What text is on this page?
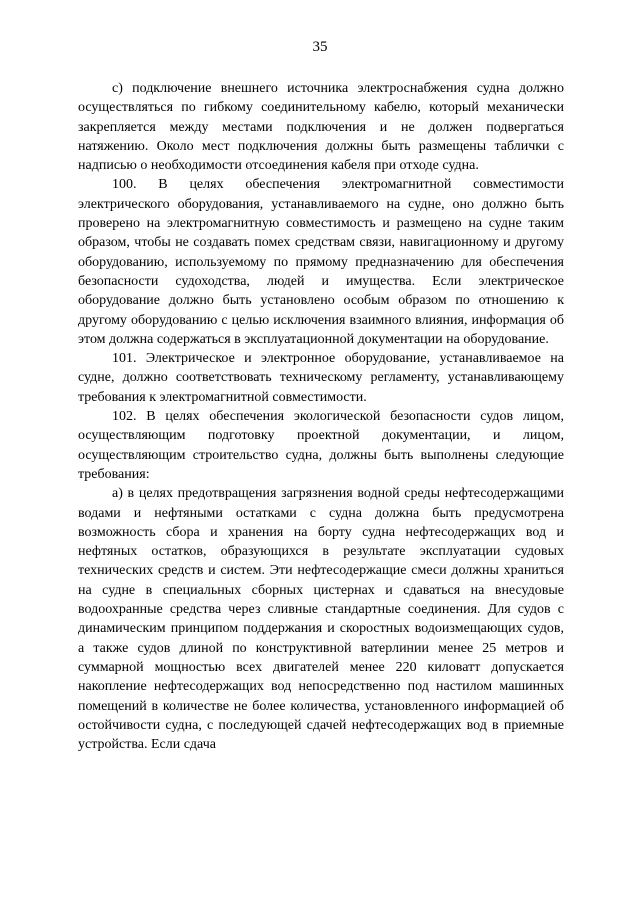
35

с) подключение внешнего источника электроснабжения судна должно осуществляться по гибкому соединительному кабелю, который механически закрепляется между местами подключения и не должен подвергаться натяжению. Около мест подключения должны быть размещены таблички с надписью о необходимости отсоединения кабеля при отходе судна.

100. В целях обеспечения электромагнитной совместимости электрического оборудования, устанавливаемого на судне, оно должно быть проверено на электромагнитную совместимость и размещено на судне таким образом, чтобы не создавать помех средствам связи, навигационному и другому оборудованию, используемому по прямому предназначению для обеспечения безопасности судоходства, людей и имущества. Если электрическое оборудование должно быть установлено особым образом по отношению к другому оборудованию с целью исключения взаимного влияния, информация об этом должна содержаться в эксплуатационной документации на оборудование.

101. Электрическое и электронное оборудование, устанавливаемое на судне, должно соответствовать техническому регламенту, устанавливающему требования к электромагнитной совместимости.

102. В целях обеспечения экологической безопасности судов лицом, осуществляющим подготовку проектной документации, и лицом, осуществляющим строительство судна, должны быть выполнены следующие требования:

а) в целях предотвращения загрязнения водной среды нефтесодержащими водами и нефтяными остатками с судна должна быть предусмотрена возможность сбора и хранения на борту судна нефтесодержащих вод и нефтяных остатков, образующихся в результате эксплуатации судовых технических средств и систем. Эти нефтесодержащие смеси должны храниться на судне в специальных сборных цистернах и сдаваться на внесудовые водоохранные средства через сливные стандартные соединения. Для судов с динамическим принципом поддержания и скоростных водоизмещающих судов, а также судов длиной по конструктивной ватерлинии менее 25 метров и суммарной мощностью всех двигателей менее 220 киловатт допускается накопление нефтесодержащих вод непосредственно под настилом машинных помещений в количестве не более количества, установленного информацией об остойчивости судна, с последующей сдачей нефтесодержащих вод в приемные устройства. Если сдача
